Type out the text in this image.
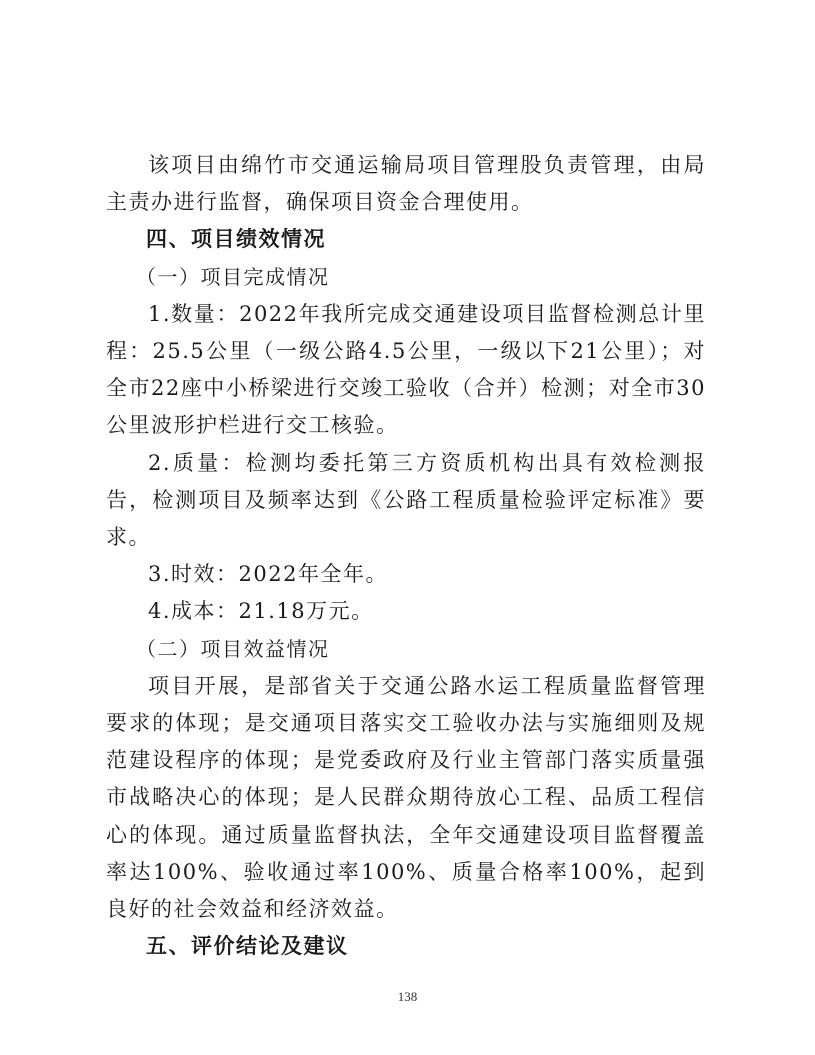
该项目由绵竹市交通运输局项目管理股负责管理，由局主责办进行监督，确保项目资金合理使用。

四、项目绩效情况

（一）项目完成情况

1.数量：2022年我所完成交通建设项目监督检测总计里程：25.5公里（一级公路4.5公里，一级以下21公里）；对全市22座中小桥梁进行交竣工验收（合并）检测；对全市30公里波形护栏进行交工核验。

2.质量：检测均委托第三方资质机构出具有效检测报告，检测项目及频率达到《公路工程质量检验评定标准》要求。

3.时效：2022年全年。

4.成本：21.18万元。

（二）项目效益情况

项目开展，是部省关于交通公路水运工程质量监督管理要求的体现；是交通项目落实交工验收办法与实施细则及规范建设程序的体现；是党委政府及行业主管部门落实质量强市战略决心的体现；是人民群众期待放心工程、品质工程信心的体现。通过质量监督执法，全年交通建设项目监督覆盖率达100%、验收通过率100%、质量合格率100%，起到良好的社会效益和经济效益。

五、评价结论及建议

138
